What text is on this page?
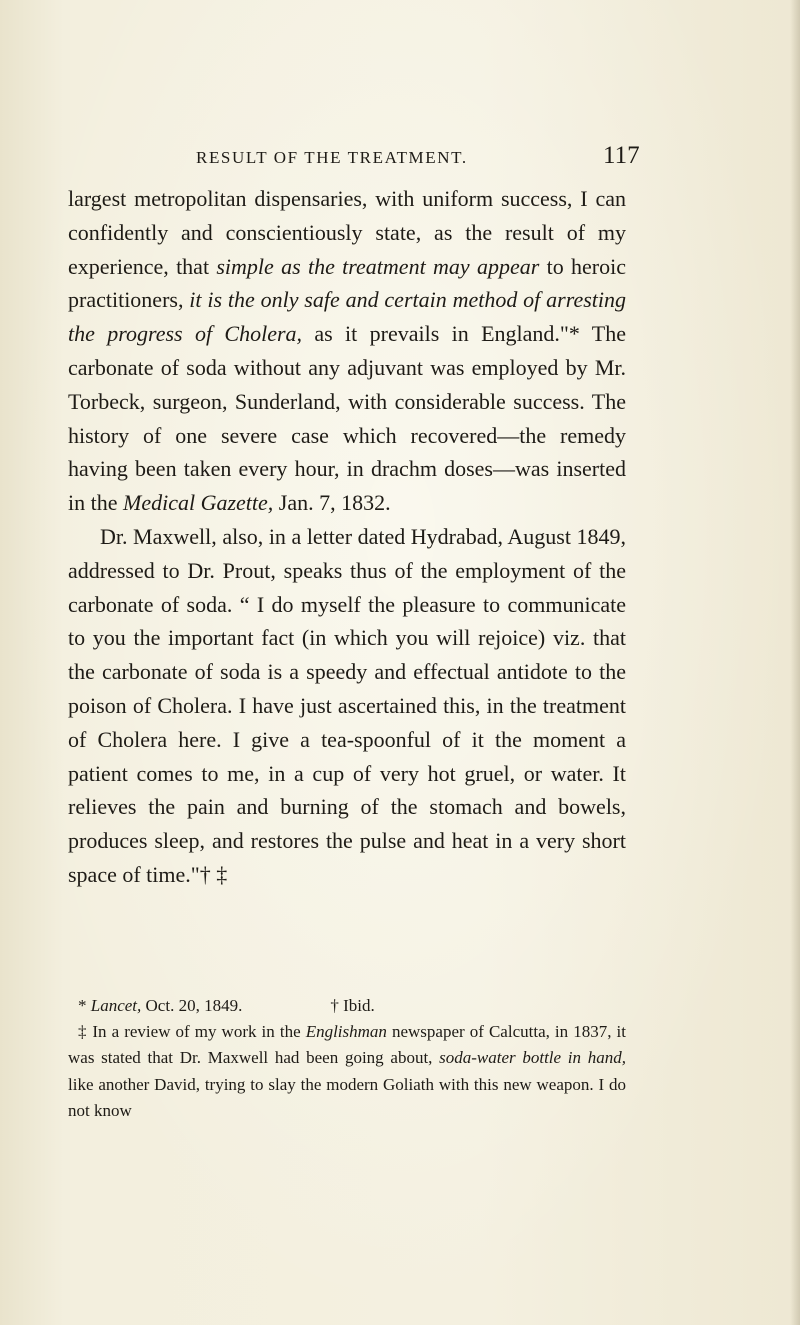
RESULT OF THE TREATMENT.	117

largest metropolitan dispensaries, with uniform success, I can confidently and conscientiously state, as the result of my experience, that simple as the treatment may appear to heroic practitioners, it is the only safe and certain method of arresting the progress of Cholera, as it prevails in England."* The carbonate of soda without any adjuvant was employed by Mr. Torbeck, surgeon, Sunderland, with considerable success. The history of one severe case which recovered—the remedy having been taken every hour, in drachm doses—was inserted in the Medical Gazette, Jan. 7, 1832.

Dr. Maxwell, also, in a letter dated Hydrabad, August 1849, addressed to Dr. Prout, speaks thus of the employment of the carbonate of soda. “ I do myself the pleasure to communicate to you the important fact (in which you will rejoice) viz. that the carbonate of soda is a speedy and effectual antidote to the poison of Cholera. I have just ascertained this, in the treatment of Cholera here. I give a tea-spoonful of it the moment a patient comes to me, in a cup of very hot gruel, or water. It relieves the pain and burning of the stomach and bowels, produces sleep, and restores the pulse and heat in a very short space of time."† ‡

* Lancet, Oct. 20, 1849.	† Ibid.

‡ In a review of my work in the Englishman newspaper of Calcutta, in 1837, it was stated that Dr. Maxwell had been going about, soda-water bottle in hand, like another David, trying to slay the modern Goliath with this new weapon. I do not know
